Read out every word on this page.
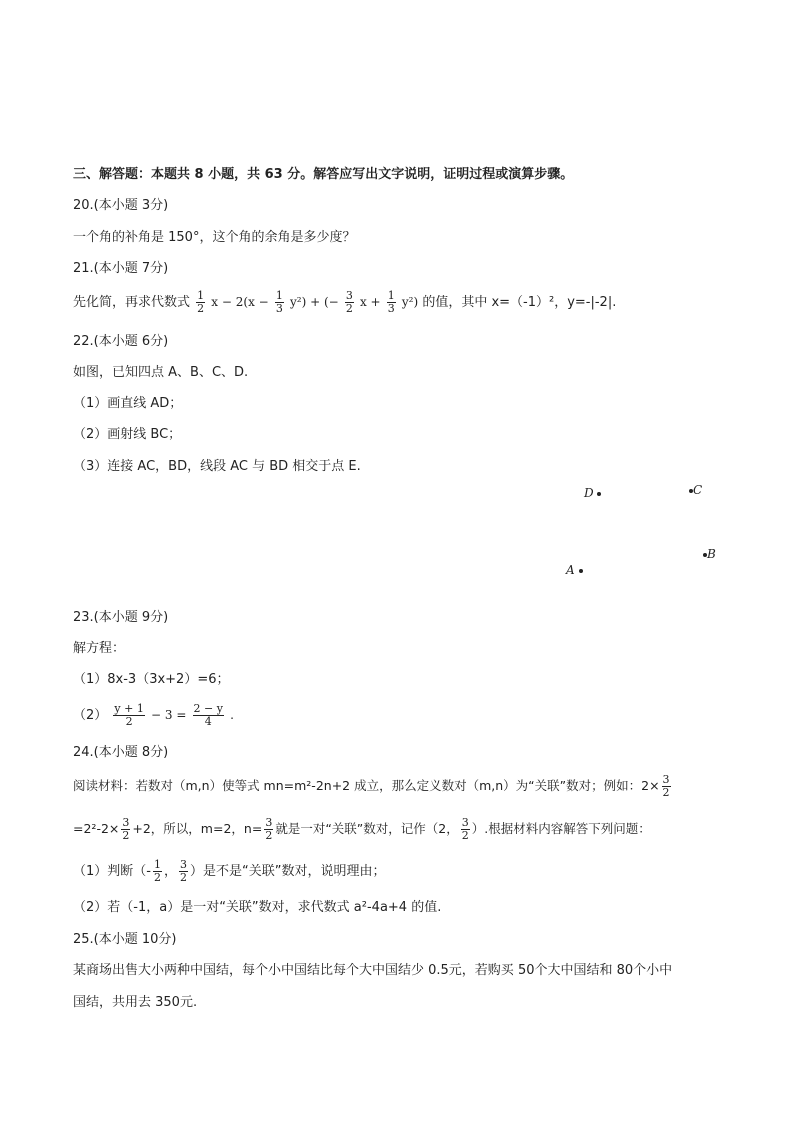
三、解答题：本题共 8 小题，共 63 分。解答应写出文字说明，证明过程或演算步骤。
20.(本小题 3分)
一个角的补角是 150°，这个角的余角是多少度？
21.(本小题 7分)
先化简，再求代数式 $\frac{1}{2}$ $x - 2(x - \frac{1}{3} y^2)$ + (− $\frac{3}{2}$ $x + \frac{1}{3} y^2$) 的值，其中 x=（-1）²，y=-|-2|.
22.(本小题 6分)
如图，已知四点 A、B、C、D.
（1）画直线 AD；
（2）画射线 BC；
（3）连接 AC，BD，线段 AC 与 BD 相交于点 E.
D	C
B
A
23.(本小题 9分)
解方程：
（1）8x-3（3x+2）=6；
$(2) \frac{y + 1}{2} - 3 = \frac{2 - y}{4}$ .
24.(本小题 8分)
阅读材料：若数对（m,n）使等式 mn=m²-2n+2 成立，那么定义数对（m,n）为“关联”数对；例如：$2\times \frac{3}{2}$
$=2^2-2\times \frac{3}{2} +2$，所以，m=2，$n= \frac{3}{2}$ 就是一对“关联”数对，记作（2， $\frac{3}{2}$ ）.根据材料内容解答下列问题：
（1）判断（- $\frac{1}{2}$ ， $\frac{3}{2}$ ）是不是“关联”数对，说明理由；
（2）若（-1，a）是一对“关联”数对，求代数式 a²-4a+4 的值.
25.(本小题 10分)
某商场出售大小两种中国结，每个小中国结比每个大中国结少 0.5元，若购买 50个大中国结和 80个小中
国结，共用去 350元.
